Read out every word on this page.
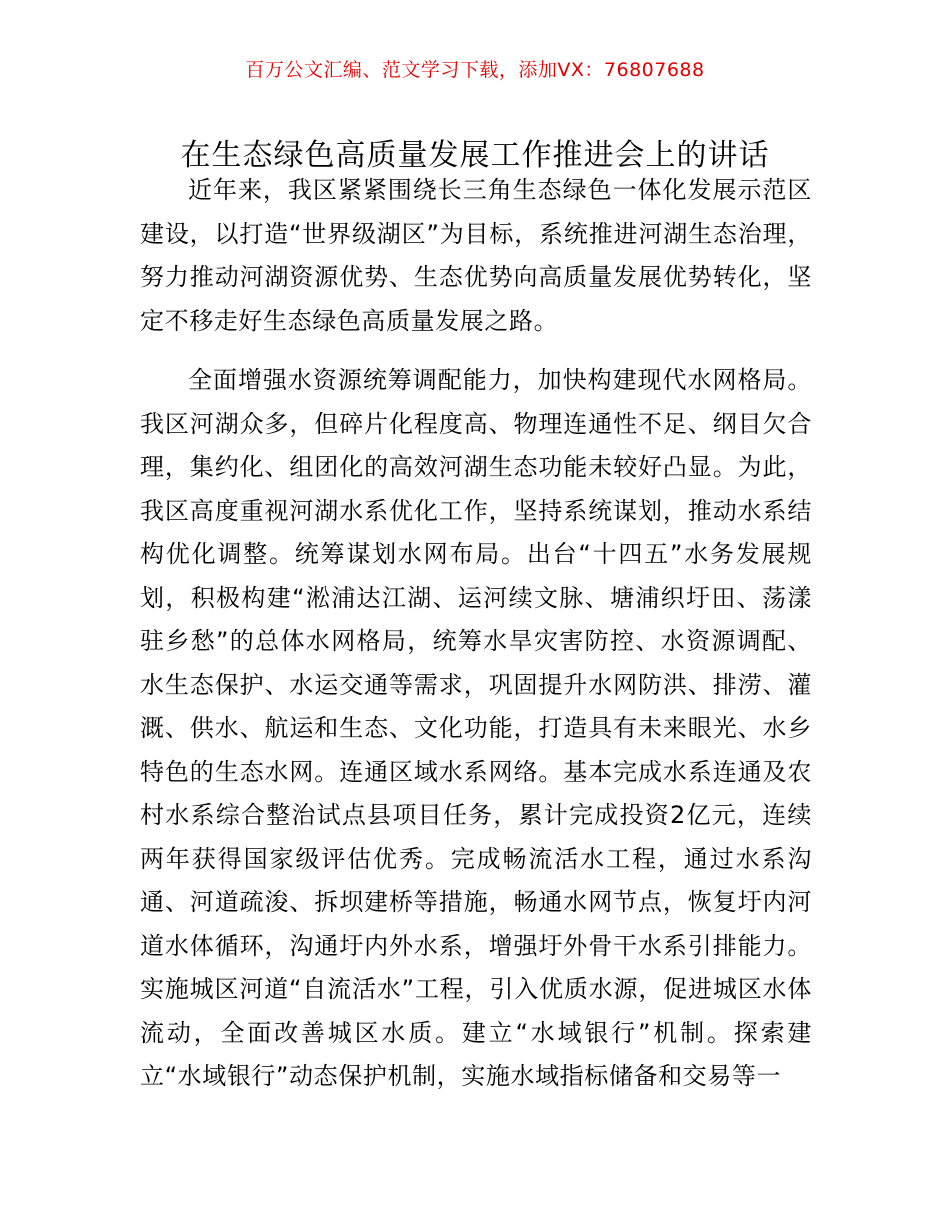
百万公文汇编、范文学习下载，添加VX：76807688
在生态绿色高质量发展工作推进会上的讲话

近年来，我区紧紧围绕长三角生态绿色一体化发展示范区建设，以打造“世界级湖区”为目标，系统推进河湖生态治理，努力推动河湖资源优势、生态优势向高质量发展优势转化，坚定不移走好生态绿色高质量发展之路。

全面增强水资源统筹调配能力，加快构建现代水网格局。我区河湖众多，但碎片化程度高、物理连通性不足、纲目欠合理，集约化、组团化的高效河湖生态功能未较好凸显。为此，我区高度重视河湖水系优化工作，坚持系统谋划，推动水系结构优化调整。统筹谋划水网布局。出台“十四五”水务发展规划，积极构建“淞浦达江湖、运河续文脉、塘浦织圩田、荡漾驻乡愁”的总体水网格局，统筹水旱灾害防控、水资源调配、水生态保护、水运交通等需求，巩固提升水网防洪、排涝、灌溉、供水、航运和生态、文化功能，打造具有未来眼光、水乡特色的生态水网。连通区域水系网络。基本完成水系连通及农村水系综合整治试点县项目任务，累计完成投资2亿元，连续两年获得国家级评估优秀。完成畅流活水工程，通过水系沟通、河道疏浚、拆坝建桥等措施，畅通水网节点，恢复圩内河道水体循环，沟通圩内外水系，增强圩外骨干水系引排能力。实施城区河道“自流活水”工程，引入优质水源，促进城区水体流动，全面改善城区水质。建立“水域银行”机制。探索建立“水域银行”动态保护机制，实施水域指标储备和交易等一
